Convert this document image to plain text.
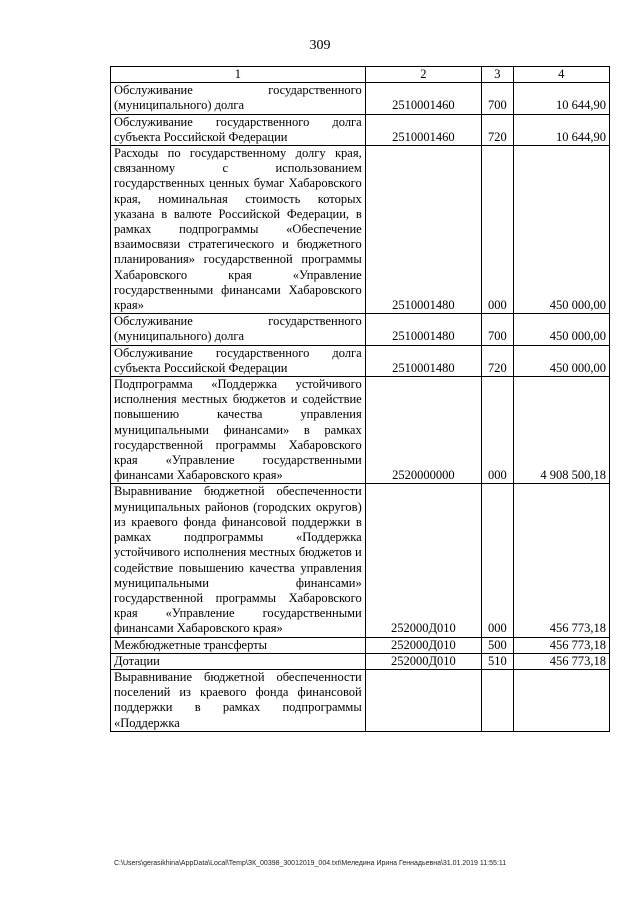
309
1	2	3	4
Обслуживание государственного (муниципального) долга	2510001460	700	10 644,90
Обслуживание государственного долга субъекта Российской Федерации	2510001460	720	10 644,90
Расходы по государственному долгу края, связанному с использованием государственных ценных бумаг Хабаровского края, номинальная стоимость которых указана в валюте Российской Федерации, в рамках подпрограммы «Обеспечение взаимосвязи стратегического и бюджетного планирования» государственной программы Хабаровского края «Управление государственными финансами Хабаровского края»	2510001480	000	450 000,00
Обслуживание государственного (муниципального) долга	2510001480	700	450 000,00
Обслуживание государственного долга субъекта Российской Федерации	2510001480	720	450 000,00
Подпрограмма «Поддержка устойчивого исполнения местных бюджетов и содействие повышению качества управления муниципальными финансами» в рамках государственной программы Хабаровского края «Управление государственными финансами Хабаровского края»	2520000000	000	4 908 500,18
Выравнивание бюджетной обеспеченности муниципальных районов (городских округов) из краевого фонда финансовой поддержки в рамках подпрограммы «Поддержка устойчивого исполнения местных бюджетов и содействие повышению качества управления муниципальными финансами» государственной программы Хабаровского края «Управление государственными финансами Хабаровского края»	252000Д010	000	456 773,18
Межбюджетные трансферты	252000Д010	500	456 773,18
Дотации	252000Д010	510	456 773,18
Выравнивание бюджетной обеспеченности поселений из краевого фонда финансовой поддержки в рамках подпрограммы «Поддержка			
C:\Users\gerasikhina\AppData\Local\Temp\ЗК_00398_30012019_004.txt\Меледина Ирина Геннадьевна\31.01.2019 11:55:11
